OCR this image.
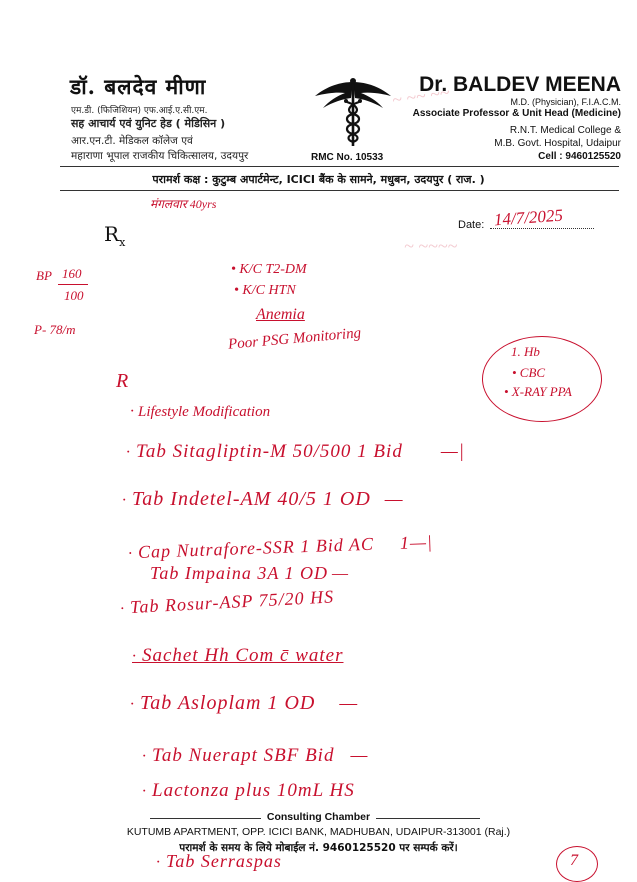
डॉ. बलदेव मीणा
एम.डी. (फिजिशियन) एफ.आई.ए.सी.एम.
सह आचार्य एवं युनिट हेड ( मेडिसिन )
आर.एन.टी. मेडिकल कॉलेज एवं
महाराणा भूपाल राजकीय चिकित्सालय, उदयपुर	RMC No. 10533
Dr. BALDEV MEENA
M.D. (Physician), F.I.A.C.M.
Associate Professor & Unit Head (Medicine)
R.N.T. Medical College &
M.B. Govt. Hospital, Udaipur
Cell : 9460125520
परामर्श कक्ष : कुटुम्ब अपार्टमेन्ट, ICICI बैंक के सामने, मधुबन, उदयपुर ( राज. )
~ ~~ ~~
~ ~~~~
$R_x$
Date: 14/7/2025
मंगलवार 40yrs
BP 160
100
P- 78/m
• K/C T2-DM
• K/C HTN
Anemia
Poor PSG Monitoring	1. Hb
• CBC
• X-RAY PPA
R
· Lifestyle Modification
· Tab Sitagliptin-M 50/500 1 Bid —|
· Tab Indetel-AM 40/5 1 OD —
· Cap Nutrafore-SSR 1 Bid AC 1—|
Tab Impaina 3A 1 OD —
· Tab Rosur-ASP 75/20 HS
· Sachet Hh Com c̄ water
· Tab Asloplam 1 OD —
· Tab Nuerapt SBF Bid —
· Lactonza plus 10mL HS
Consulting Chamber
KUTUMB APARTMENT, OPP. ICICI BANK, MADHUBAN, UDAIPUR-313001 (Raj.)
परामर्श के समय के लिये मोबाईल नं. 9460125520 पर सम्पर्क करें।
· Tab Serraspas	7
